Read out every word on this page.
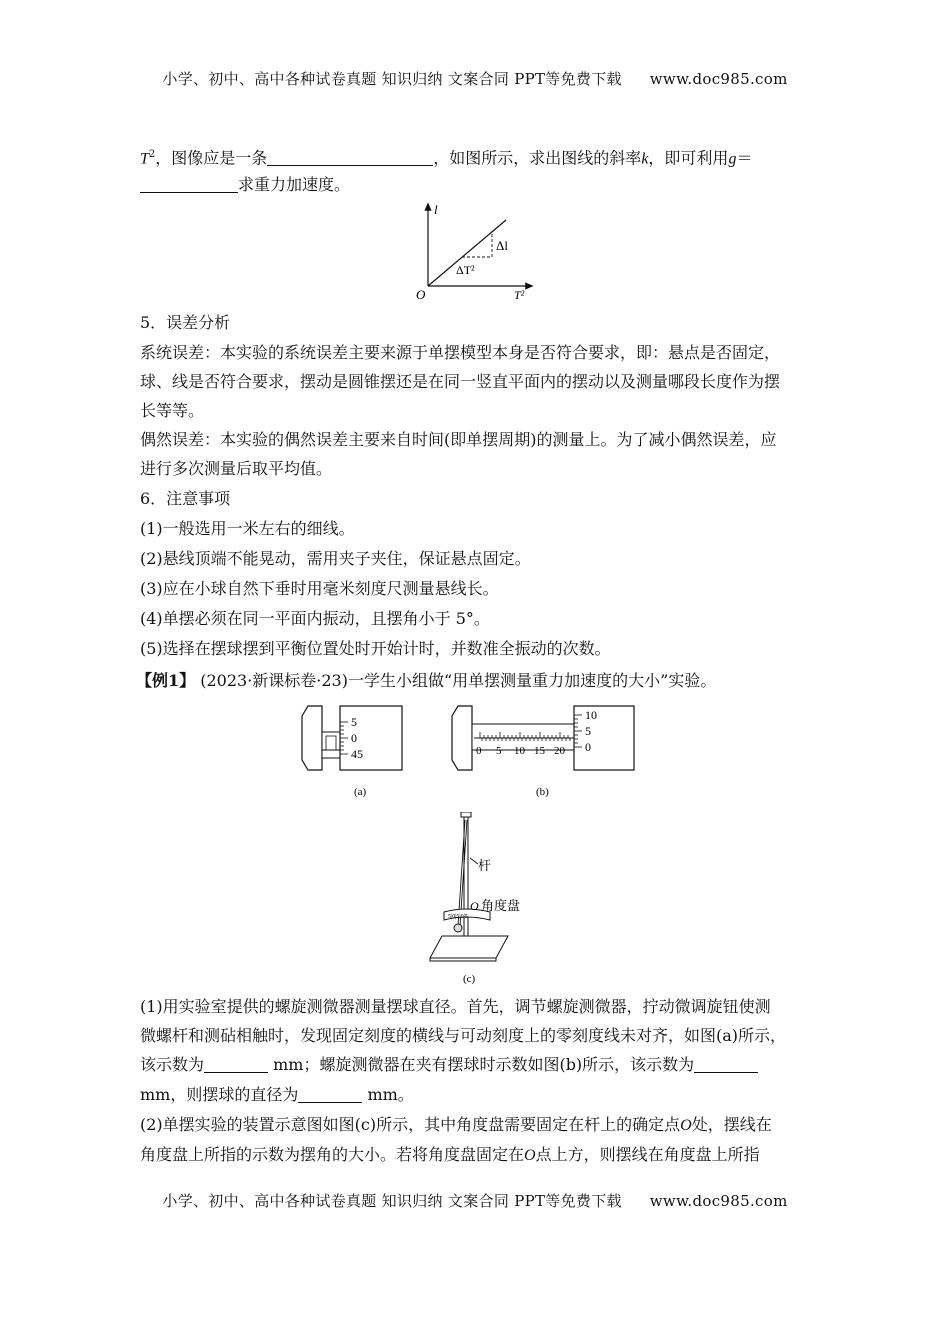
小学、初中、高中各种试卷真题 知识归纳 文案合同 PPT等免费下载 www.doc985.com
$T^2$，图像应是一条	，如图所示，求出图线的斜率k，即可利用g＝
求重力加速度。
l
Δl
ΔT²
O	T²
5．误差分析
系统误差：本实验的系统误差主要来源于单摆模型本身是否符合要求，即：悬点是否固定，
球、线是否符合要求，摆动是圆锥摆还是在同一竖直平面内的摆动以及测量哪段长度作为摆
长等等。
偶然误差：本实验的偶然误差主要来自时间(即单摆周期)的测量上。为了减小偶然误差，应
进行多次测量后取平均值。
6．注意事项
(1)一般选用一米左右的细线。
(2)悬线顶端不能晃动，需用夹子夹住，保证悬点固定。
(3)应在小球自然下垂时用毫米刻度尺测量悬线长。
(4)单摆必须在同一平面内振动，且摆角小于 5°。
(5)选择在摆球摆到平衡位置处时开始计时，并数准全振动的次数。
【例1】 (2023·新课标卷·23)一学生小组做“用单摆测量重力加速度的大小”实验。
5
0
45
(a)
0 5 10 15 20
10
5
0
(b)
5|0|5|0|5
杆
O 角度盘
(c)
(1)用实验室提供的螺旋测微器测量摆球直径。首先，调节螺旋测微器，拧动微调旋钮使测
微螺杆和测砧相触时，发现固定刻度的横线与可动刻度上的零刻度线未对齐，如图(a)所示，
该示数为	mm；螺旋测微器在夹有摆球时示数如图(b)所示，该示数为
mm，则摆球的直径为	mm。
(2)单摆实验的装置示意图如图(c)所示，其中角度盘需要固定在杆上的确定点O处，摆线在
角度盘上所指的示数为摆角的大小。若将角度盘固定在O点上方，则摆线在角度盘上所指
小学、初中、高中各种试卷真题 知识归纳 文案合同 PPT等免费下载 www.doc985.com
